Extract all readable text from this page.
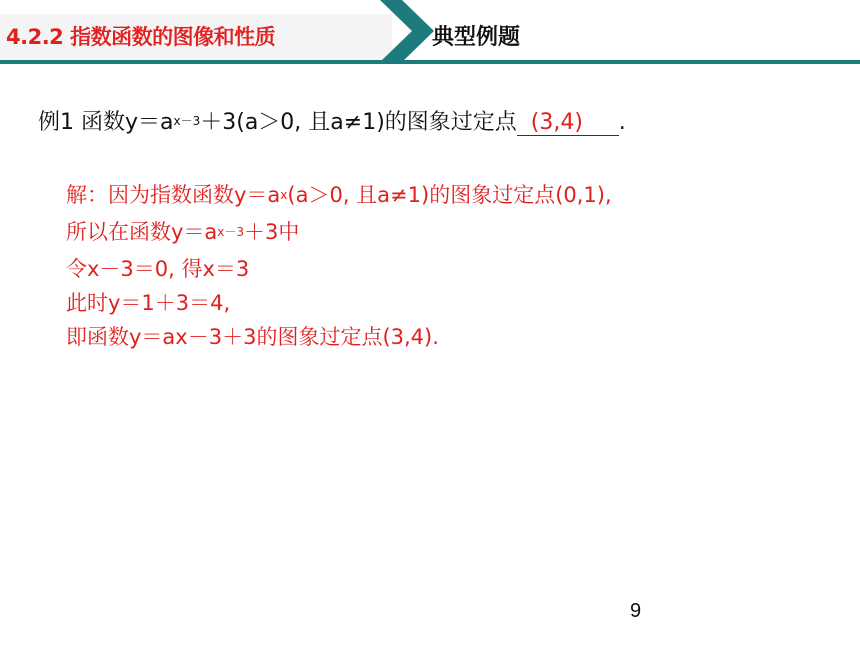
4.2.2 指数函数的图像和性质	典型例题
例1 函数$y=a^{x-3}+3(a>0$, 且a≠1)的图象过定点 (3,4) .
解：因为指数函数$y=a^x(a>0$, 且a≠1)的图象过定点(0,1),
所以在函数$y=a^{x-3}+3$中
令x－3＝0, 得x＝3
此时y＝1＋3＝4,
即函数y＝ax－3＋3的图象过定点(3,4).
9
